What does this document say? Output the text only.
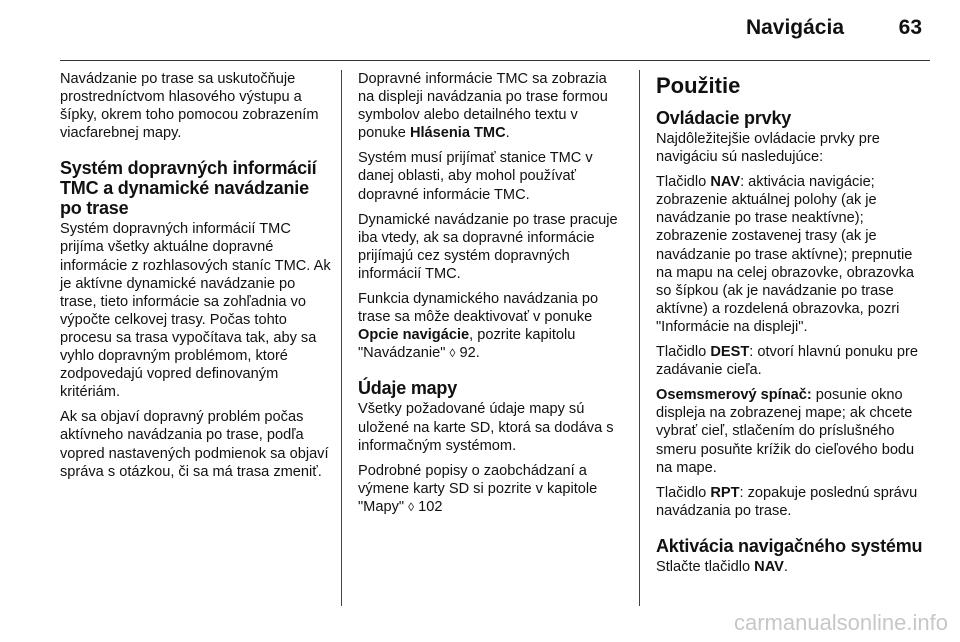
Navigácia	63

Navádzanie po trase sa uskutočňuje prostredníctvom hlasového výstupu a šípky, okrem toho pomocou zobrazením viacfarebnej mapy.

Systém dopravných informácií TMC a dynamické navádzanie po trase

Systém dopravných informácií TMC prijíma všetky aktuálne dopravné informácie z rozhlasových staníc TMC. Ak je aktívne dynamické navádzanie po trase, tieto informácie sa zohľadnia vo výpočte celkovej trasy. Počas tohto procesu sa trasa vypočítava tak, aby sa vyhlo dopravným problémom, ktoré zodpovedajú vopred definovaným kritériám.

Ak sa objaví dopravný problém počas aktívneho navádzania po trase, podľa vopred nastavených podmienok sa objaví správa s otázkou, či sa má trasa zmeniť.

Dopravné informácie TMC sa zobrazia na displeji navádzania po trase formou symbolov alebo detailného textu v ponuke Hlásenia TMC.

Systém musí prijímať stanice TMC v danej oblasti, aby mohol používať dopravné informácie TMC.

Dynamické navádzanie po trase pracuje iba vtedy, ak sa dopravné informácie prijímajú cez systém dopravných informácií TMC.

Funkcia dynamického navádzania po trase sa môže deaktivovať v ponuke Opcie navigácie, pozrite kapitolu "Navádzanie" ◊ 92.

Údaje mapy

Všetky požadované údaje mapy sú uložené na karte SD, ktorá sa dodáva s informačným systémom.

Podrobné popisy o zaobchádzaní a výmene karty SD si pozrite v kapitole "Mapy" ◊ 102

Použitie
Ovládacie prvky

Najdôležitejšie ovládacie prvky pre navigáciu sú nasledujúce:

Tlačidlo NAV: aktivácia navigácie; zobrazenie aktuálnej polohy (ak je navádzanie po trase neaktívne); zobrazenie zostavenej trasy (ak je navádzanie po trase aktívne); prepnutie na mapu na celej obrazovke, obrazovka so šípkou (ak je navádzanie po trase aktívne) a rozdelená obrazovka, pozri "Informácie na displeji".

Tlačidlo DEST: otvorí hlavnú ponuku pre zadávanie cieľa.

Osemsmerový spínač: posunie okno displeja na zobrazenej mape; ak chcete vybrať cieľ, stlačením do príslušného smeru posuňte krížik do cieľového bodu na mape.

Tlačidlo RPT: zopakuje poslednú správu navádzania po trase.

Aktivácia navigačného systému

Stlačte tlačidlo NAV.

carmanualsonline.info
